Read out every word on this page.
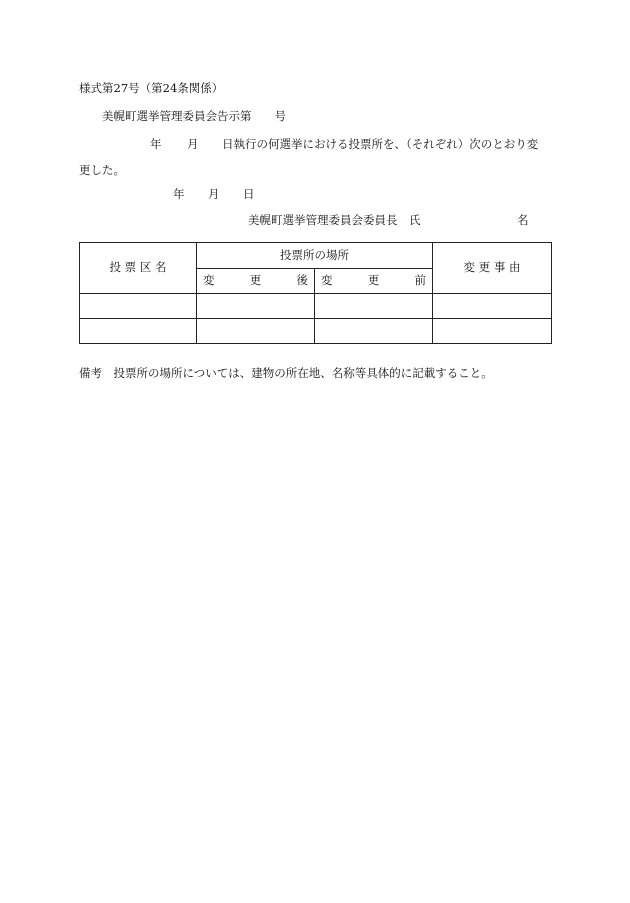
様式第27号（第24条関係）
美幌町選挙管理委員会告示第　　号
年 月 日執行の何選挙における投票所を、（それぞれ）次のとおり変
更した。
年 月 日
美幌町選挙管理委員会委員長　氏	名
投 票 区 名	投票所の場所		変 更 事 由

	変 更 後	変 更 前	

備考　投票所の場所については、建物の所在地、名称等具体的に記載すること。
